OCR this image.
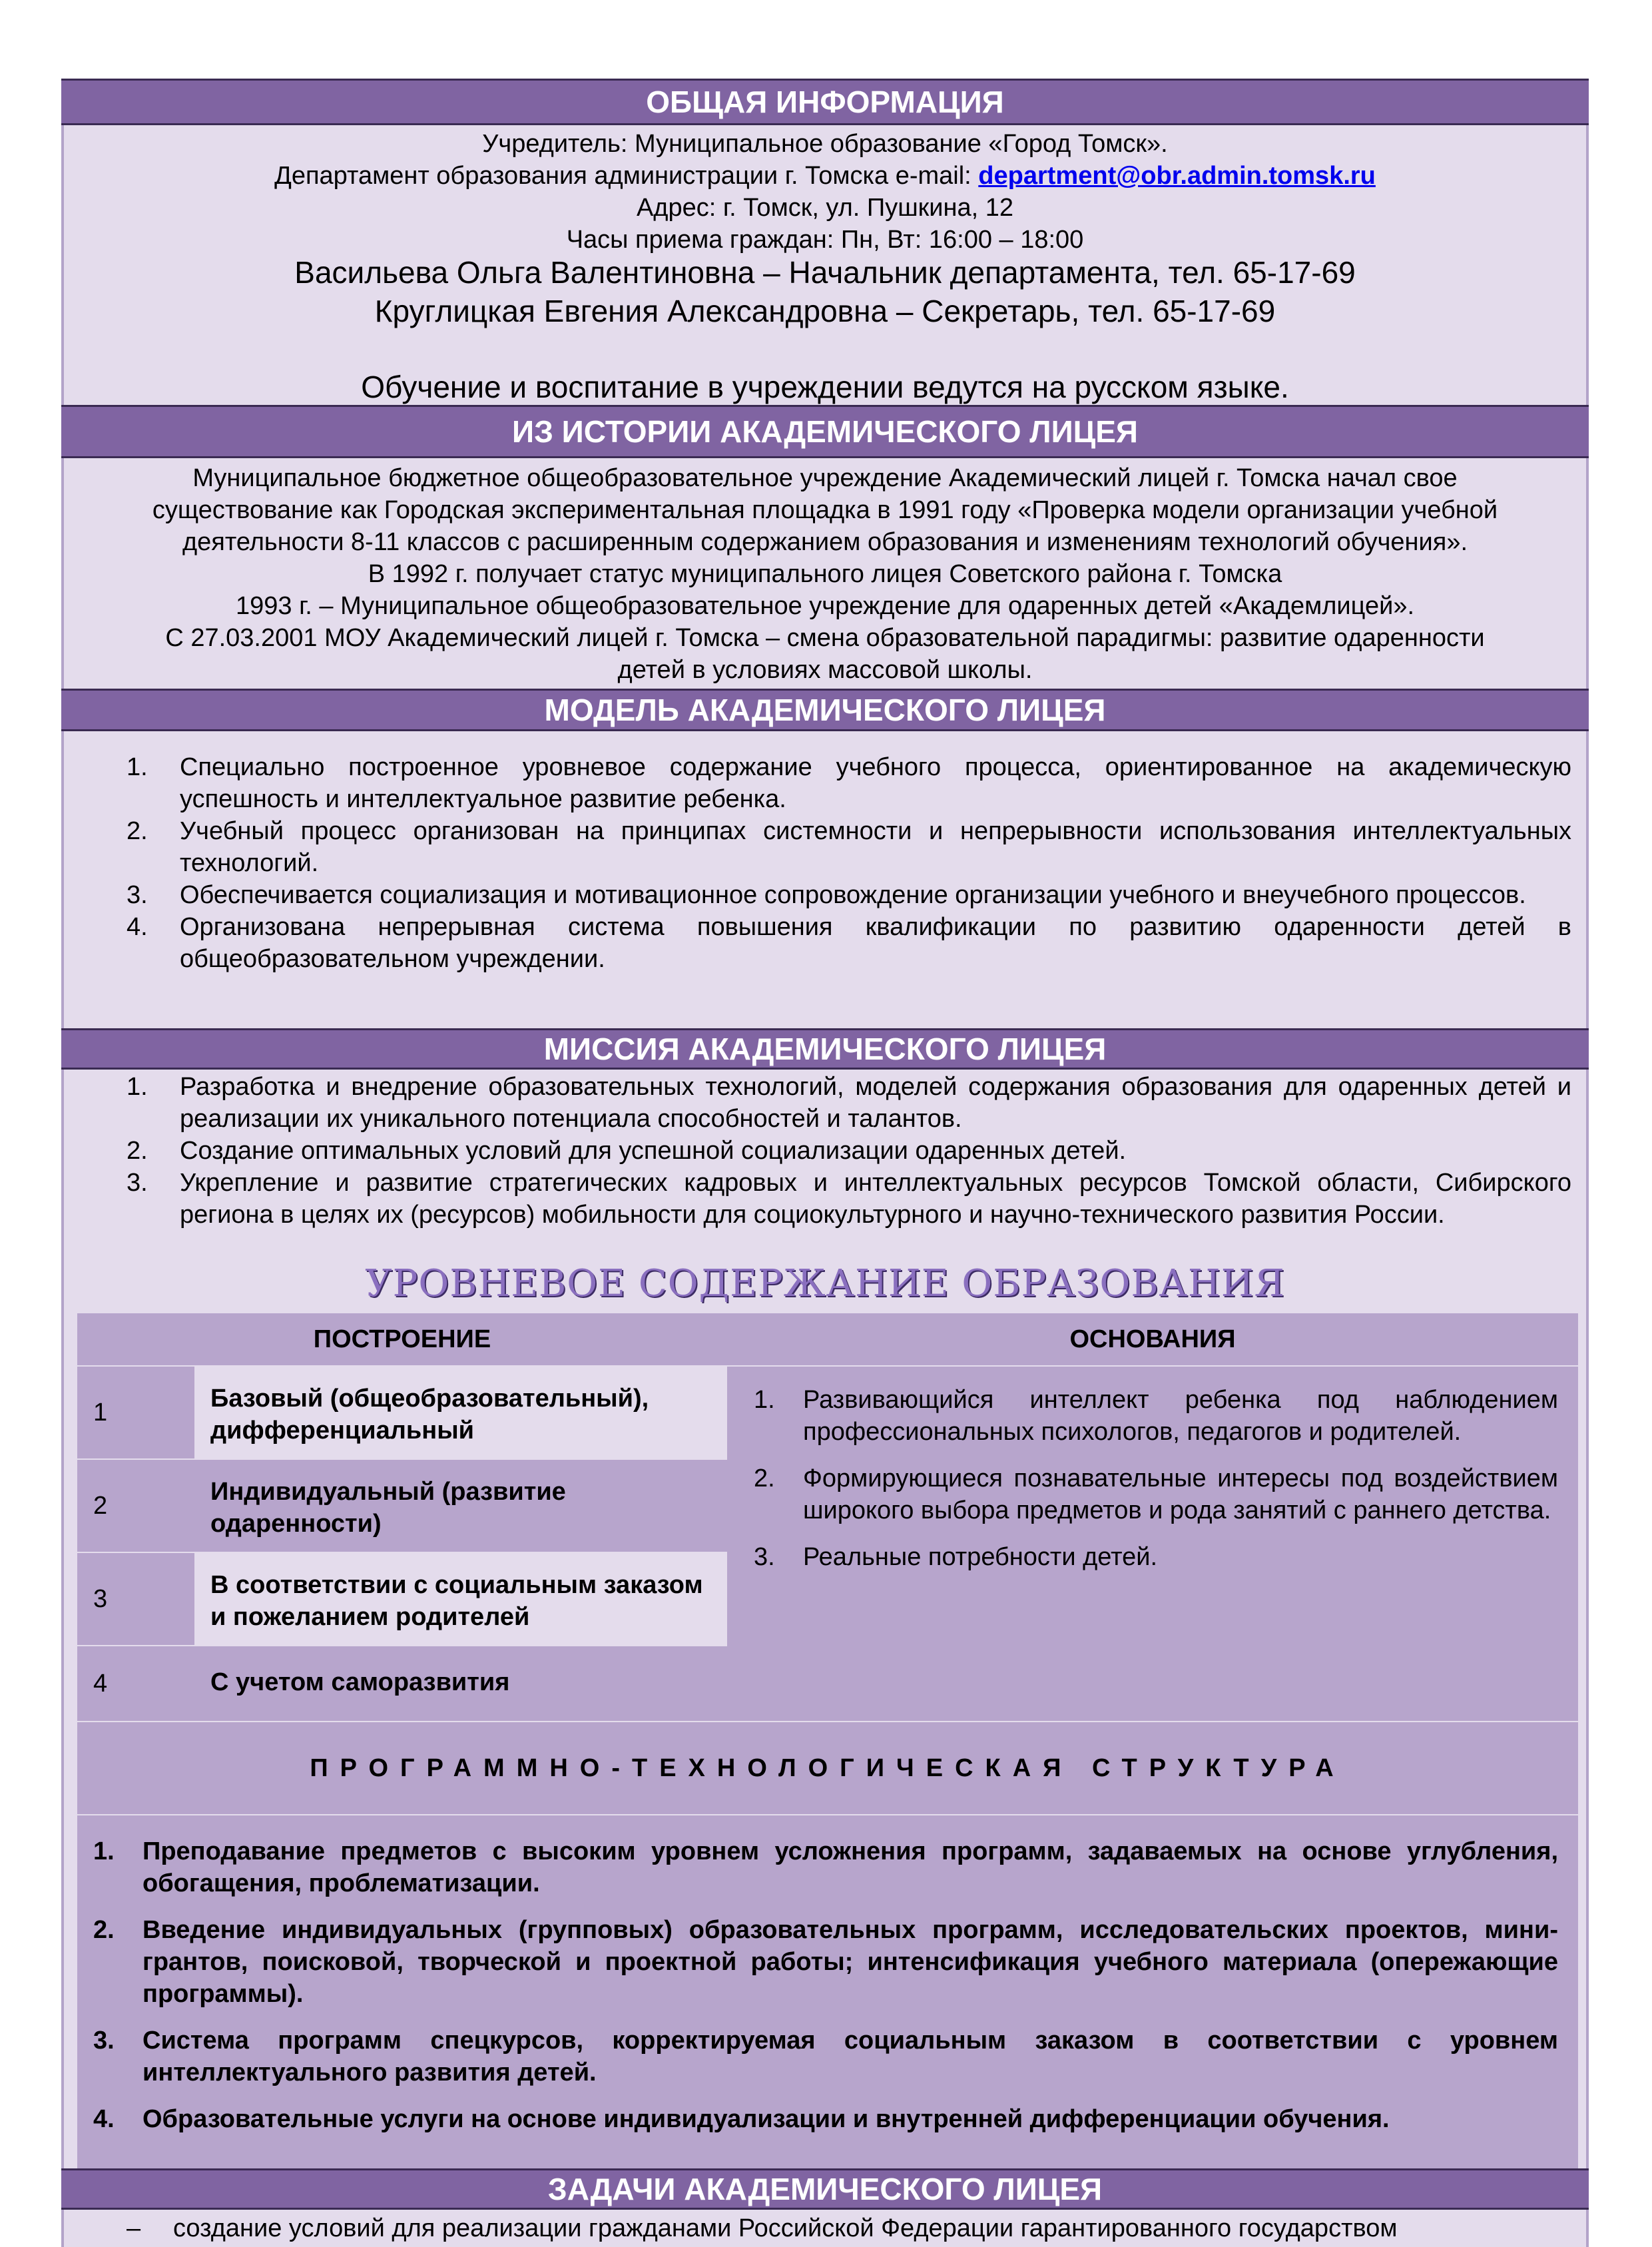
ОБЩАЯ ИНФОРМАЦИЯ
Учредитель: Муниципальное образование «Город Томск».
Департамент образования администрации г. Томска e-mail: department@obr.admin.tomsk.ru
Адрес: г. Томск, ул. Пушкина, 12
Часы приема граждан: Пн, Вт: 16:00 – 18:00
Васильева Ольга Валентиновна – Начальник департамента, тел. 65-17-69
Круглицкая Евгения Александровна – Секретарь, тел. 65-17-69
Обучение и воспитание в учреждении ведутся на русском языке.
ИЗ ИСТОРИИ АКАДЕМИЧЕСКОГО ЛИЦЕЯ
Муниципальное бюджетное общеобразовательное учреждение Академический лицей г. Томска начал свое
существование как Городская экспериментальная площадка в 1991 году «Проверка модели организации учебной
деятельности 8-11 классов с расширенным содержанием образования и изменениям технологий обучения».
В 1992 г. получает статус муниципального лицея Советского района г. Томска
1993 г. – Муниципальное общеобразовательное учреждение для одаренных детей «Академлицей».
С 27.03.2001 МОУ Академический лицей г. Томска – смена образовательной парадигмы: развитие одаренности
детей в условиях массовой школы.
МОДЕЛЬ АКАДЕМИЧЕСКОГО ЛИЦЕЯ
1.	Специально построенное уровневое содержание учебного процесса, ориентированное на академическую успешность и интеллектуальное развитие ребенка.
2.	Учебный процесс организован на принципах системности и непрерывности использования интеллектуальных технологий.
3.	Обеспечивается социализация и мотивационное сопровождение организации учебного и внеучебного процессов.
4.	Организована непрерывная система повышения квалификации по развитию одаренности детей в общеобразовательном учреждении.
МИССИЯ АКАДЕМИЧЕСКОГО ЛИЦЕЯ
1.	Разработка и внедрение образовательных технологий, моделей содержания образования для одаренных детей и реализации их уникального потенциала способностей и талантов.
2.	Создание оптимальных условий для успешной социализации одаренных детей.
3.	Укрепление и развитие стратегических кадровых и интеллектуальных ресурсов Томской области, Сибирского региона в целях их (ресурсов) мобильности для социокультурного и научно-технического развития России.
УРОВНЕВОЕ СОДЕРЖАНИЕ ОБРАЗОВАНИЯ
ПОСТРОЕНИЕ	ОСНОВАНИЯ
1	Базовый (общеобразовательный), дифференциальный
2	Индивидуальный (развитие одаренности)
3	В соответствии с социальным заказом и пожеланием родителей
4	С учетом саморазвития
1.	Развивающийся интеллект ребенка под наблюдением профессиональных психологов, педагогов и родителей.
2.	Формирующиеся познавательные интересы под воздействием широкого выбора предметов и рода занятий с раннего детства.
3.	Реальные потребности детей.
ПРОГРАММНО-ТЕХНОЛОГИЧЕСКАЯ СТРУКТУРА
1.	Преподавание предметов с высоким уровнем усложнения программ, задаваемых на основе углубления, обогащения, проблематизации.
2.	Введение индивидуальных (групповых) образовательных программ, исследовательских проектов, мини-грантов, поисковой, творческой и проектной работы; интенсификация учебного материала (опережающие программы).
3.	Система программ спецкурсов, корректируемая социальным заказом в соответствии с уровнем интеллектуального развития детей.
4.	Образовательные услуги на основе индивидуализации и внутренней дифференциации обучения.
ЗАДАЧИ АКАДЕМИЧЕСКОГО ЛИЦЕЯ
–	создание условий для реализации гражданами Российской Федерации гарантированного государством
